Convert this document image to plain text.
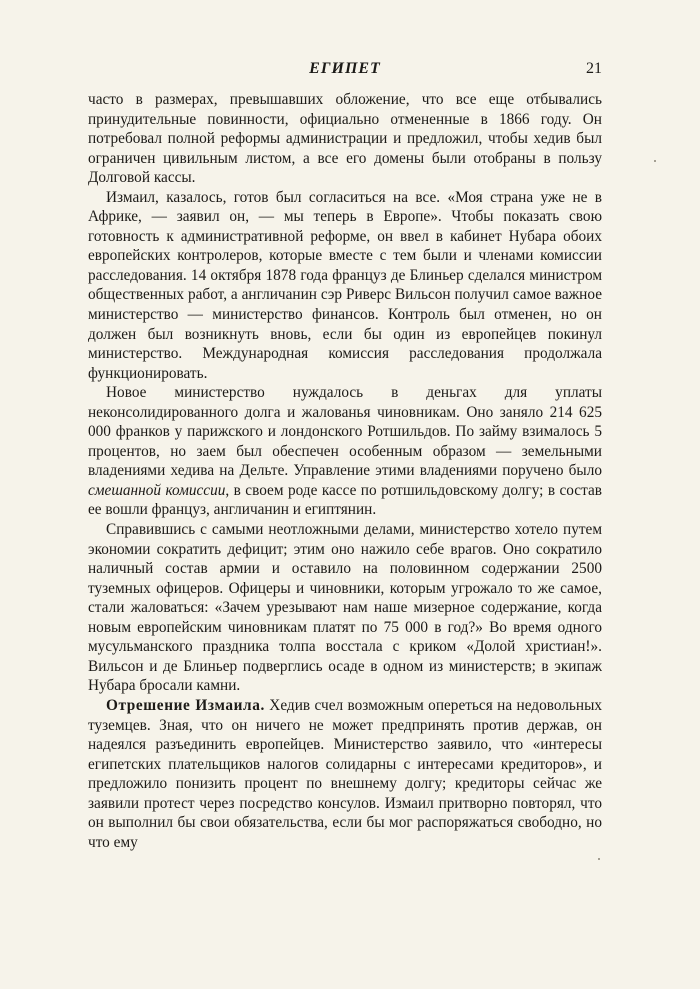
ЕГИПЕТ	21

часто в размерах, превышавших обложение, что все еще отбывались принудительные повинности, официально отмененные в 1866 году. Он потребовал полной реформы администрации и предложил, чтобы хедив был ограничен цивильным листом, а все его домены были отобраны в пользу Долговой кассы.

Измаил, казалось, готов был согласиться на все. «Моя страна уже не в Африке, — заявил он, — мы теперь в Европе». Чтобы показать свою готовность к административной реформе, он ввел в кабинет Нубара обоих европейских контролеров, которые вместе с тем были и членами комиссии расследования. 14 октября 1878 года француз де Блиньер сделался министром общественных работ, а англичанин сэр Риверс Вильсон получил самое важное министерство — министерство финансов. Контроль был отменен, но он должен был возникнуть вновь, если бы один из европейцев покинул министерство. Международная комиссия расследования продолжала функционировать.

Новое министерство нуждалось в деньгах для уплаты неконсолидированного долга и жалованья чиновникам. Оно заняло 214 625 000 франков у парижского и лондонского Ротшильдов. По займу взималось 5 процентов, но заем был обеспечен особенным образом — земельными владениями хедива на Дельте. Управление этими владениями поручено было смешанной комиссии, в своем роде кассе по ротшильдовскому долгу; в состав ее вошли француз, англичанин и египтянин.

Справившись с самыми неотложными делами, министерство хотело путем экономии сократить дефицит; этим оно нажило себе врагов. Оно сократило наличный состав армии и оставило на половинном содержании 2500 туземных офицеров. Офицеры и чиновники, которым угрожало то же самое, стали жаловаться: «Зачем урезывают нам наше мизерное содержание, когда новым европейским чиновникам платят по 75 000 в год?» Во время одного мусульманского праздника толпа восстала с криком «Долой христиан!». Вильсон и де Блиньер подверглись осаде в одном из министерств; в экипаж Нубара бросали камни.

Отрешение Измаила. Хедив счел возможным опереться на недовольных туземцев. Зная, что он ничего не может предпринять против держав, он надеялся разъединить европейцев. Министерство заявило, что «интересы египетских плательщиков налогов солидарны с интересами кредиторов», и предложило понизить процент по внешнему долгу; кредиторы сейчас же заявили протест через посредство консулов. Измаил притворно повторял, что он выполнил бы свои обязательства, если бы мог распоряжаться свободно, но что ему
